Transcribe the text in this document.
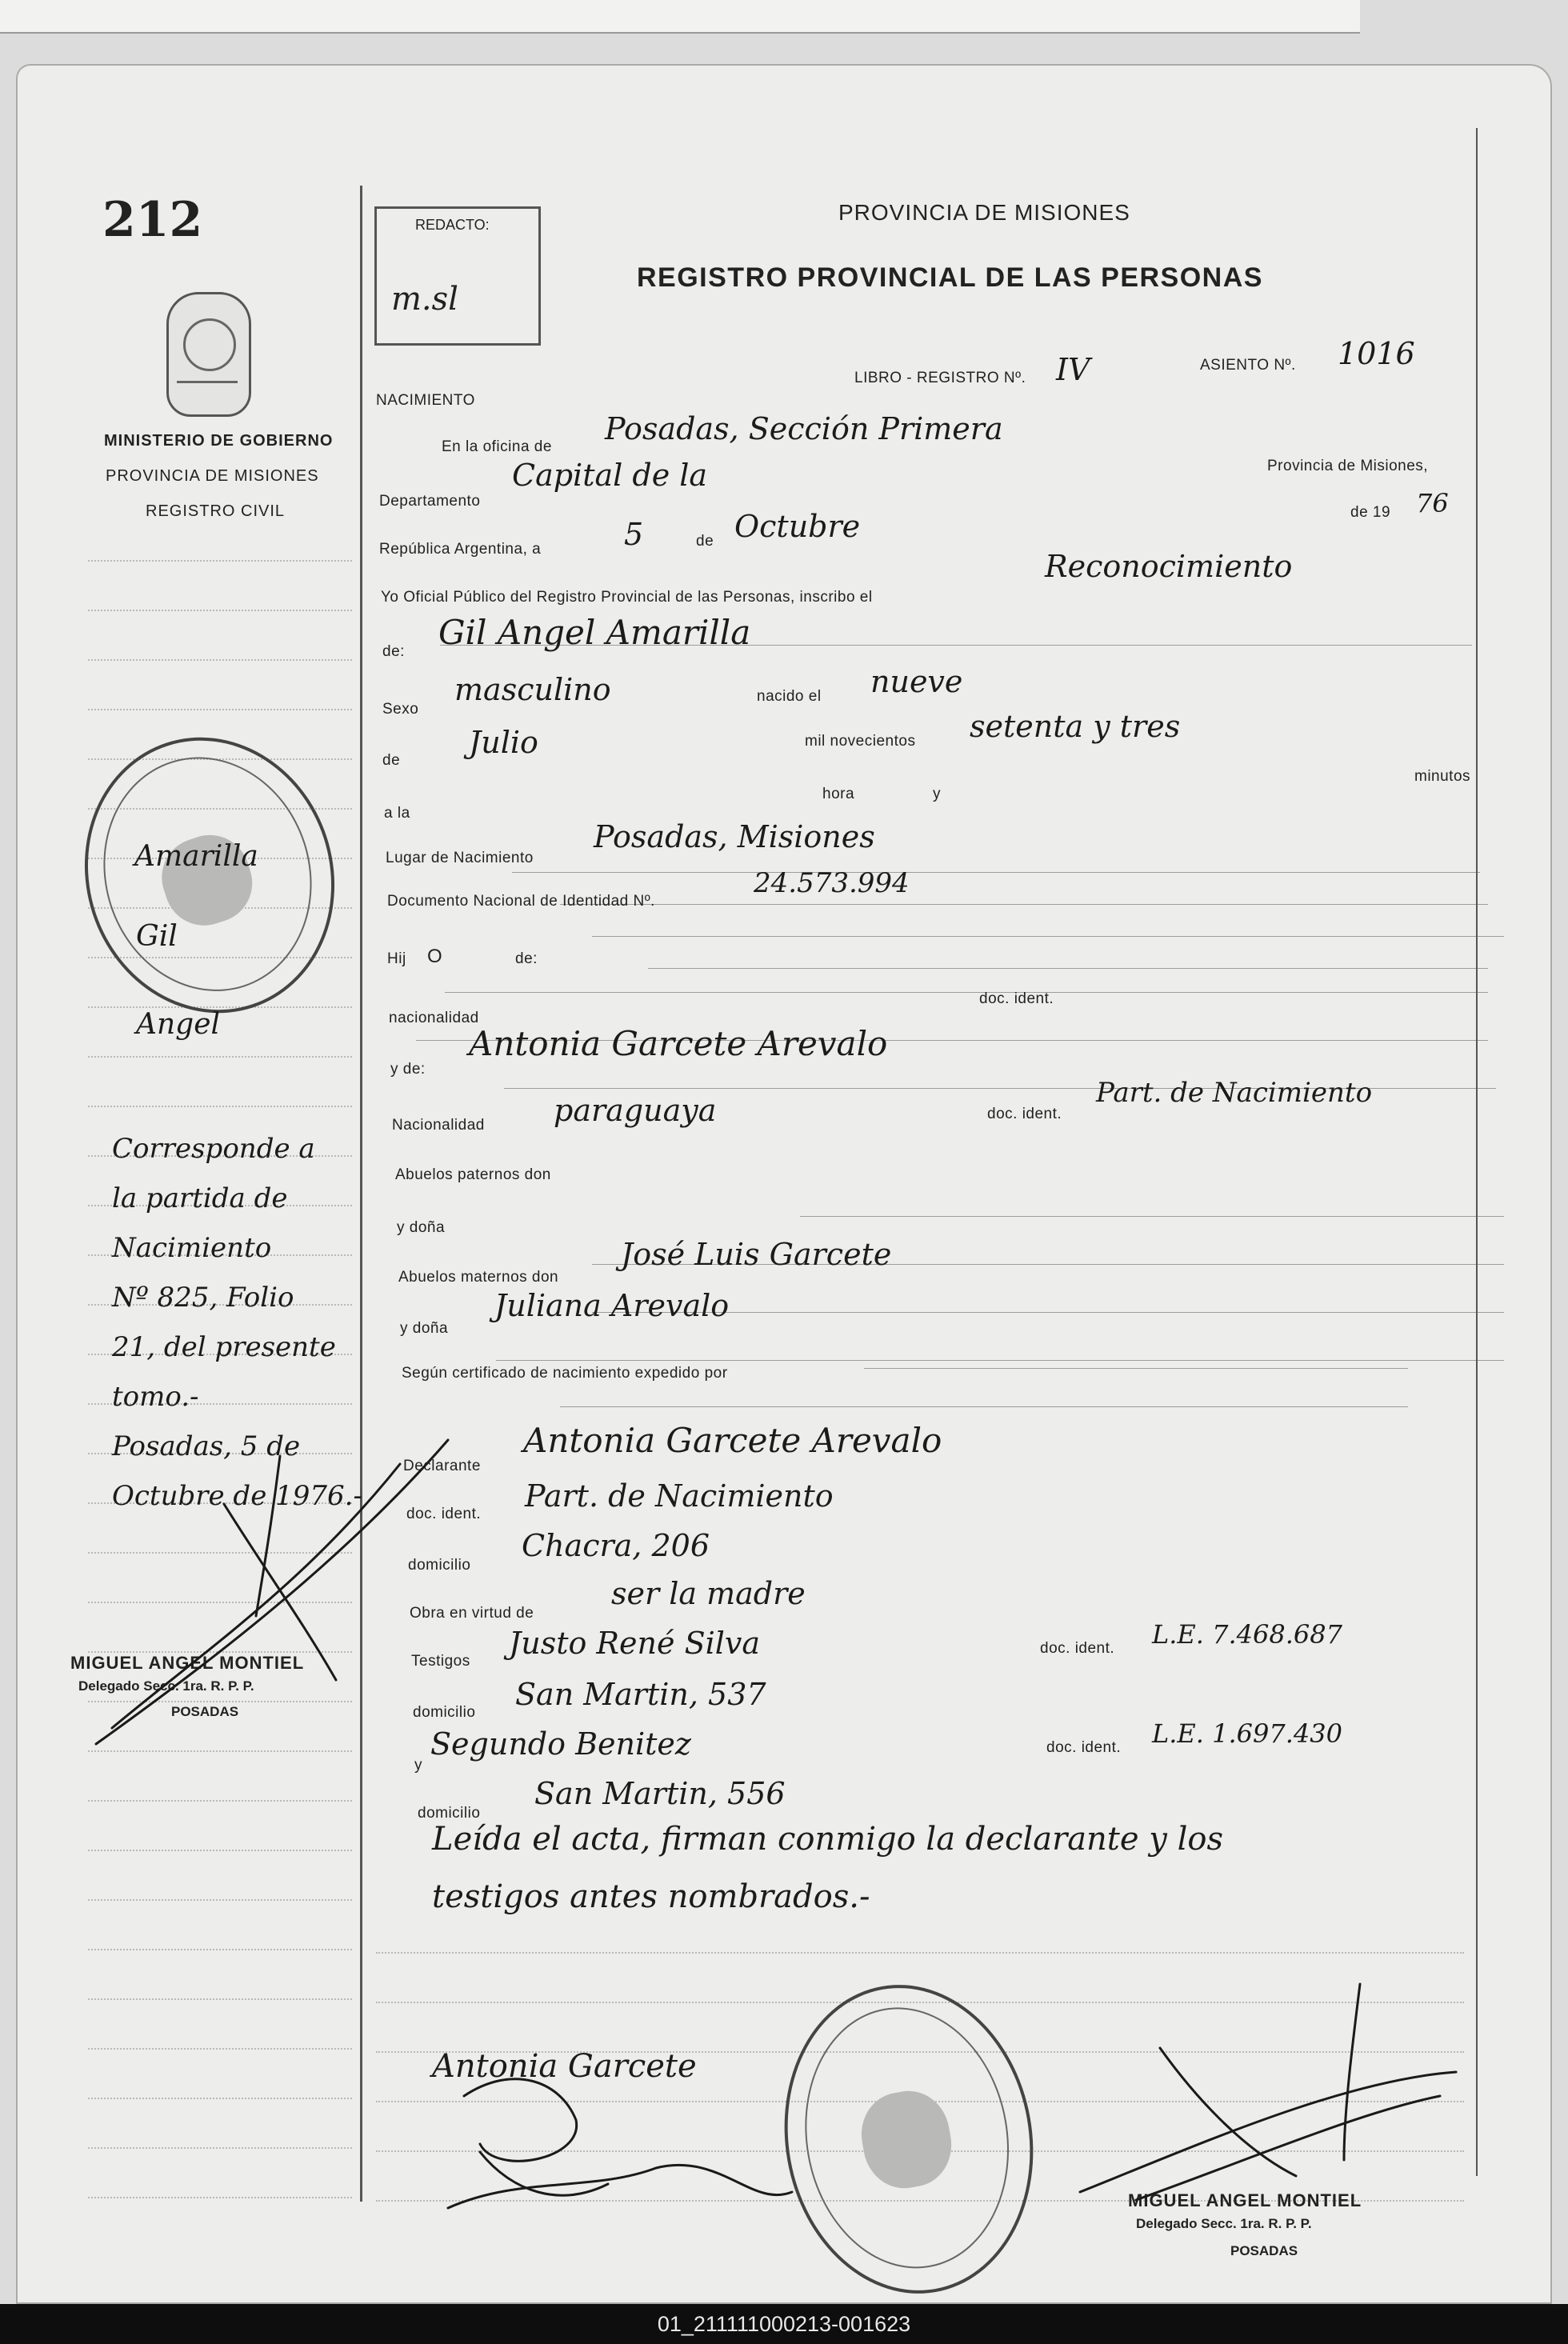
212
MINISTERIO DE GOBIERNO
PROVINCIA DE MISIONES
REGISTRO CIVIL
REDACTO:
m.sl
PROVINCIA DE MISIONES
REGISTRO PROVINCIAL DE LAS PERSONAS
LIBRO - REGISTRO Nº. IV	ASIENTO Nº. 1016
NACIMIENTO
En la oficina de
Posadas, Sección Primera
Departamento
Capital de la	Provincia de Misiones,
República Argentina, a	5	de Octubre	de 19 76
Yo Oficial Público del Registro Provincial de las Personas, inscribo el
Reconocimiento
de: Gil Angel Amarilla
Sexo
masculino	nacido el nueve
de
Julio	mil novecientos setenta y tres
a la
hora	y
minutos
Lugar de Nacimiento
Posadas, Misiones
Documento Nacional de Identidad Nº.
24.573.994
Hij O	de:
nacionalidad
doc. ident.
y de:
Antonia Garcete Arevalo
Nacionalidad paraguaya	doc. ident.
Part. de Nacimiento
Abuelos paternos don
y doña
Abuelos maternos don
José Luis Garcete
y doña
Juliana Arevalo
Según certificado de nacimiento expedido por
Declarante
Antonia Garcete Arevalo
doc. ident.
Part. de Nacimiento
domicilio
Chacra, 206
Obra en virtud de
ser la madre
Testigos
Justo René Silva	doc. ident. L.E. 7.468.687
domicilio
San Martin, 537
y
Segundo Benitez	doc. ident. L.E. 1.697.430
domicilio
San Martin, 556
Leída el acta, firman conmigo la declarante y los
testigos antes nombrados.-
Amarilla
Gil
Angel
Corresponde a
la partida de
Nacimiento
Nº 825, Folio
21, del presente
tomo.-
Posadas, 5 de
Octubre de 1976.-
MIGUEL ANGEL MONTIEL
Delegado Secc. 1ra. R. P. P.
POSADAS
Antonia Garcete
MIGUEL ANGEL MONTIEL
Delegado Secc. 1ra. R. P. P.
POSADAS
01_211111000213-001623
